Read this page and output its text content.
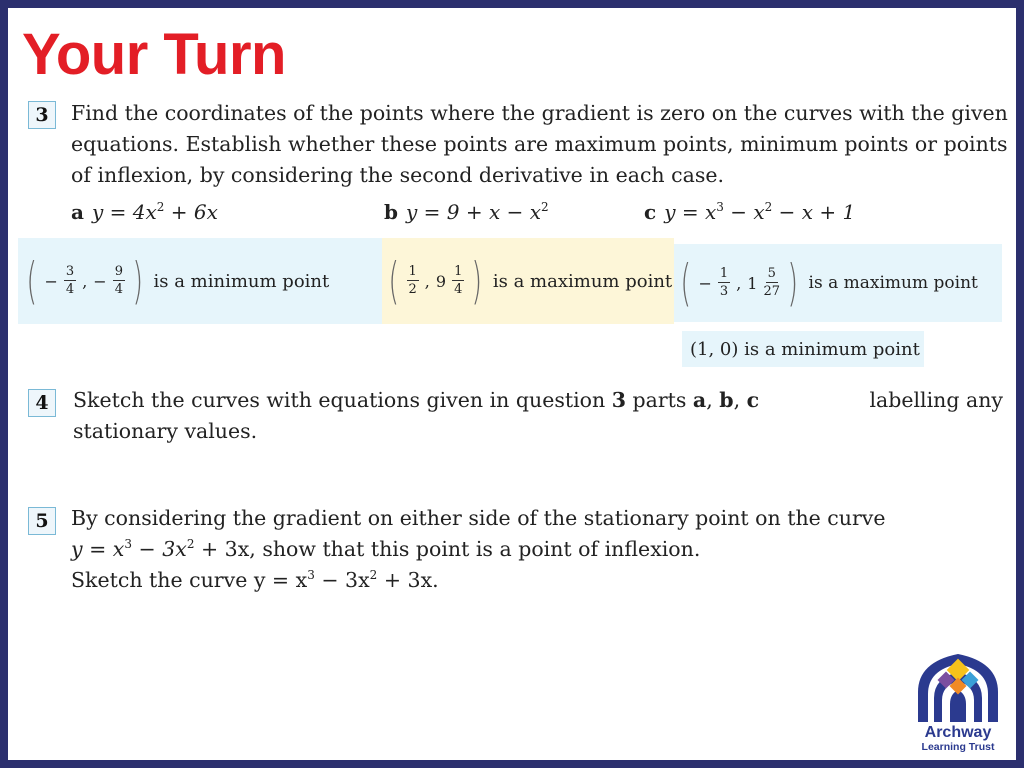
Your Turn
3	Find the coordinates of the points where the gradient is zero on the curves with the given
equations. Establish whether these points are maximum points, minimum points or points
of inflexion, by considering the second derivative in each case.
a $y = 4x^2 + 6x$	b $y = 9 + x - x^2$	c $y = x^3 - x^2 - x + 1$
( − $\frac{3}{4}$ , − $\frac{9}{4}$ ) is a minimum point ( $\frac{1}{2}$ , $9 \frac{1}{4}$ ) is a maximum point ( − $\frac{1}{3}$ , $1 \frac{5}{27}$ ) is a maximum point
(1, 0) is a minimum point
4	Sketch the curves with equations given in question 3 parts a, b, c	labelling any
stationary values.
5	By considering the gradient on either side of the stationary point on the curve
$y = x^3 - 3x^2 + 3x$, show that this point is a point of inflexion.
Sketch the curve $y = x^3 - 3x^2 + 3x$.
Archway
Learning Trust
